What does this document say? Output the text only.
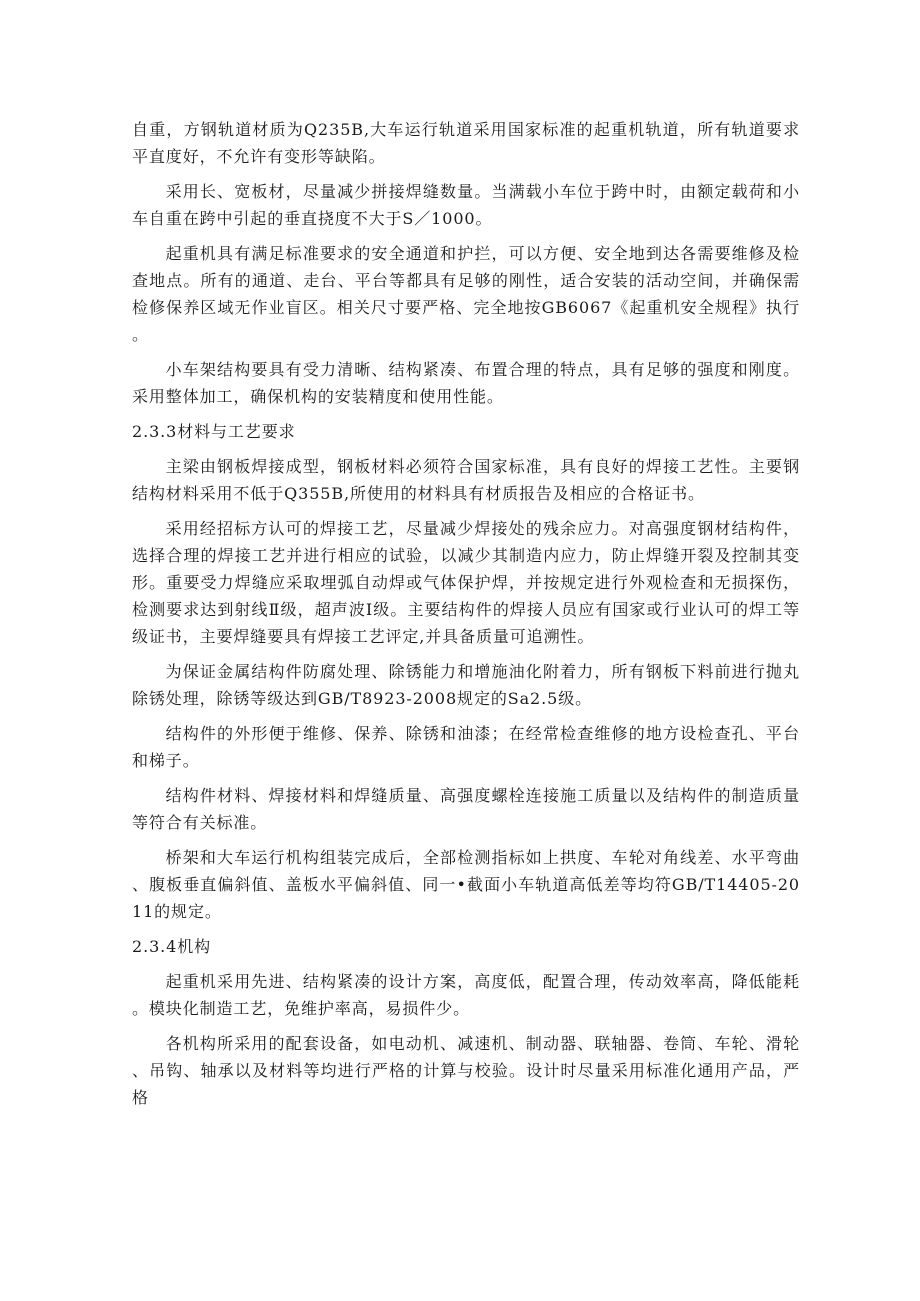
自重，方钢轨道材质为Q235B,大车运行轨道采用国家标准的起重机轨道，所有轨道要求平直度好，不允许有变形等缺陷。

采用长、宽板材，尽量减少拼接焊缝数量。当满载小车位于跨中时，由额定载荷和小车自重在跨中引起的垂直挠度不大于S／1000。

起重机具有满足标准要求的安全通道和护拦，可以方便、安全地到达各需要维修及检查地点。所有的通道、走台、平台等都具有足够的刚性，适合安装的活动空间，并确保需检修保养区域无作业盲区。相关尺寸要严格、完全地按GB6067《起重机安全规程》执行。

小车架结构要具有受力清晰、结构紧凑、布置合理的特点，具有足够的强度和刚度。采用整体加工，确保机构的安装精度和使用性能。

2.3.3材料与工艺要求

主梁由钢板焊接成型，钢板材料必须符合国家标准，具有良好的焊接工艺性。主要钢结构材料采用不低于Q355B,所使用的材料具有材质报告及相应的合格证书。

采用经招标方认可的焊接工艺，尽量减少焊接处的残余应力。对高强度钢材结构件，选择合理的焊接工艺并进行相应的试验，以减少其制造内应力，防止焊缝开裂及控制其变形。重要受力焊缝应采取埋弧自动焊或气体保护焊，并按规定进行外观检查和无损探伤，检测要求达到射线Ⅱ级，超声波Ⅰ级。主要结构件的焊接人员应有国家或行业认可的焊工等级证书，主要焊缝要具有焊接工艺评定,并具备质量可追溯性。

为保证金属结构件防腐处理、除锈能力和增施油化附着力，所有钢板下料前进行抛丸除锈处理，除锈等级达到GB/T8923-2008规定的Sa2.5级。

结构件的外形便于维修、保养、除锈和油漆；在经常检查维修的地方设检查孔、平台和梯子。

结构件材料、焊接材料和焊缝质量、高强度螺栓连接施工质量以及结构件的制造质量等符合有关标准。

桥架和大车运行机构组装完成后，全部检测指标如上拱度、车轮对角线差、水平弯曲、腹板垂直偏斜值、盖板水平偏斜值、同一•截面小车轨道高低差等均符GB/T14405-2011的规定。

2.3.4机构

起重机采用先进、结构紧凑的设计方案，高度低，配置合理，传动效率高，降低能耗。模块化制造工艺，免维护率高，易损件少。

各机构所采用的配套设备，如电动机、减速机、制动器、联轴器、卷筒、车轮、滑轮、吊钩、轴承以及材料等均进行严格的计算与校验。设计时尽量采用标准化通用产品，严格
